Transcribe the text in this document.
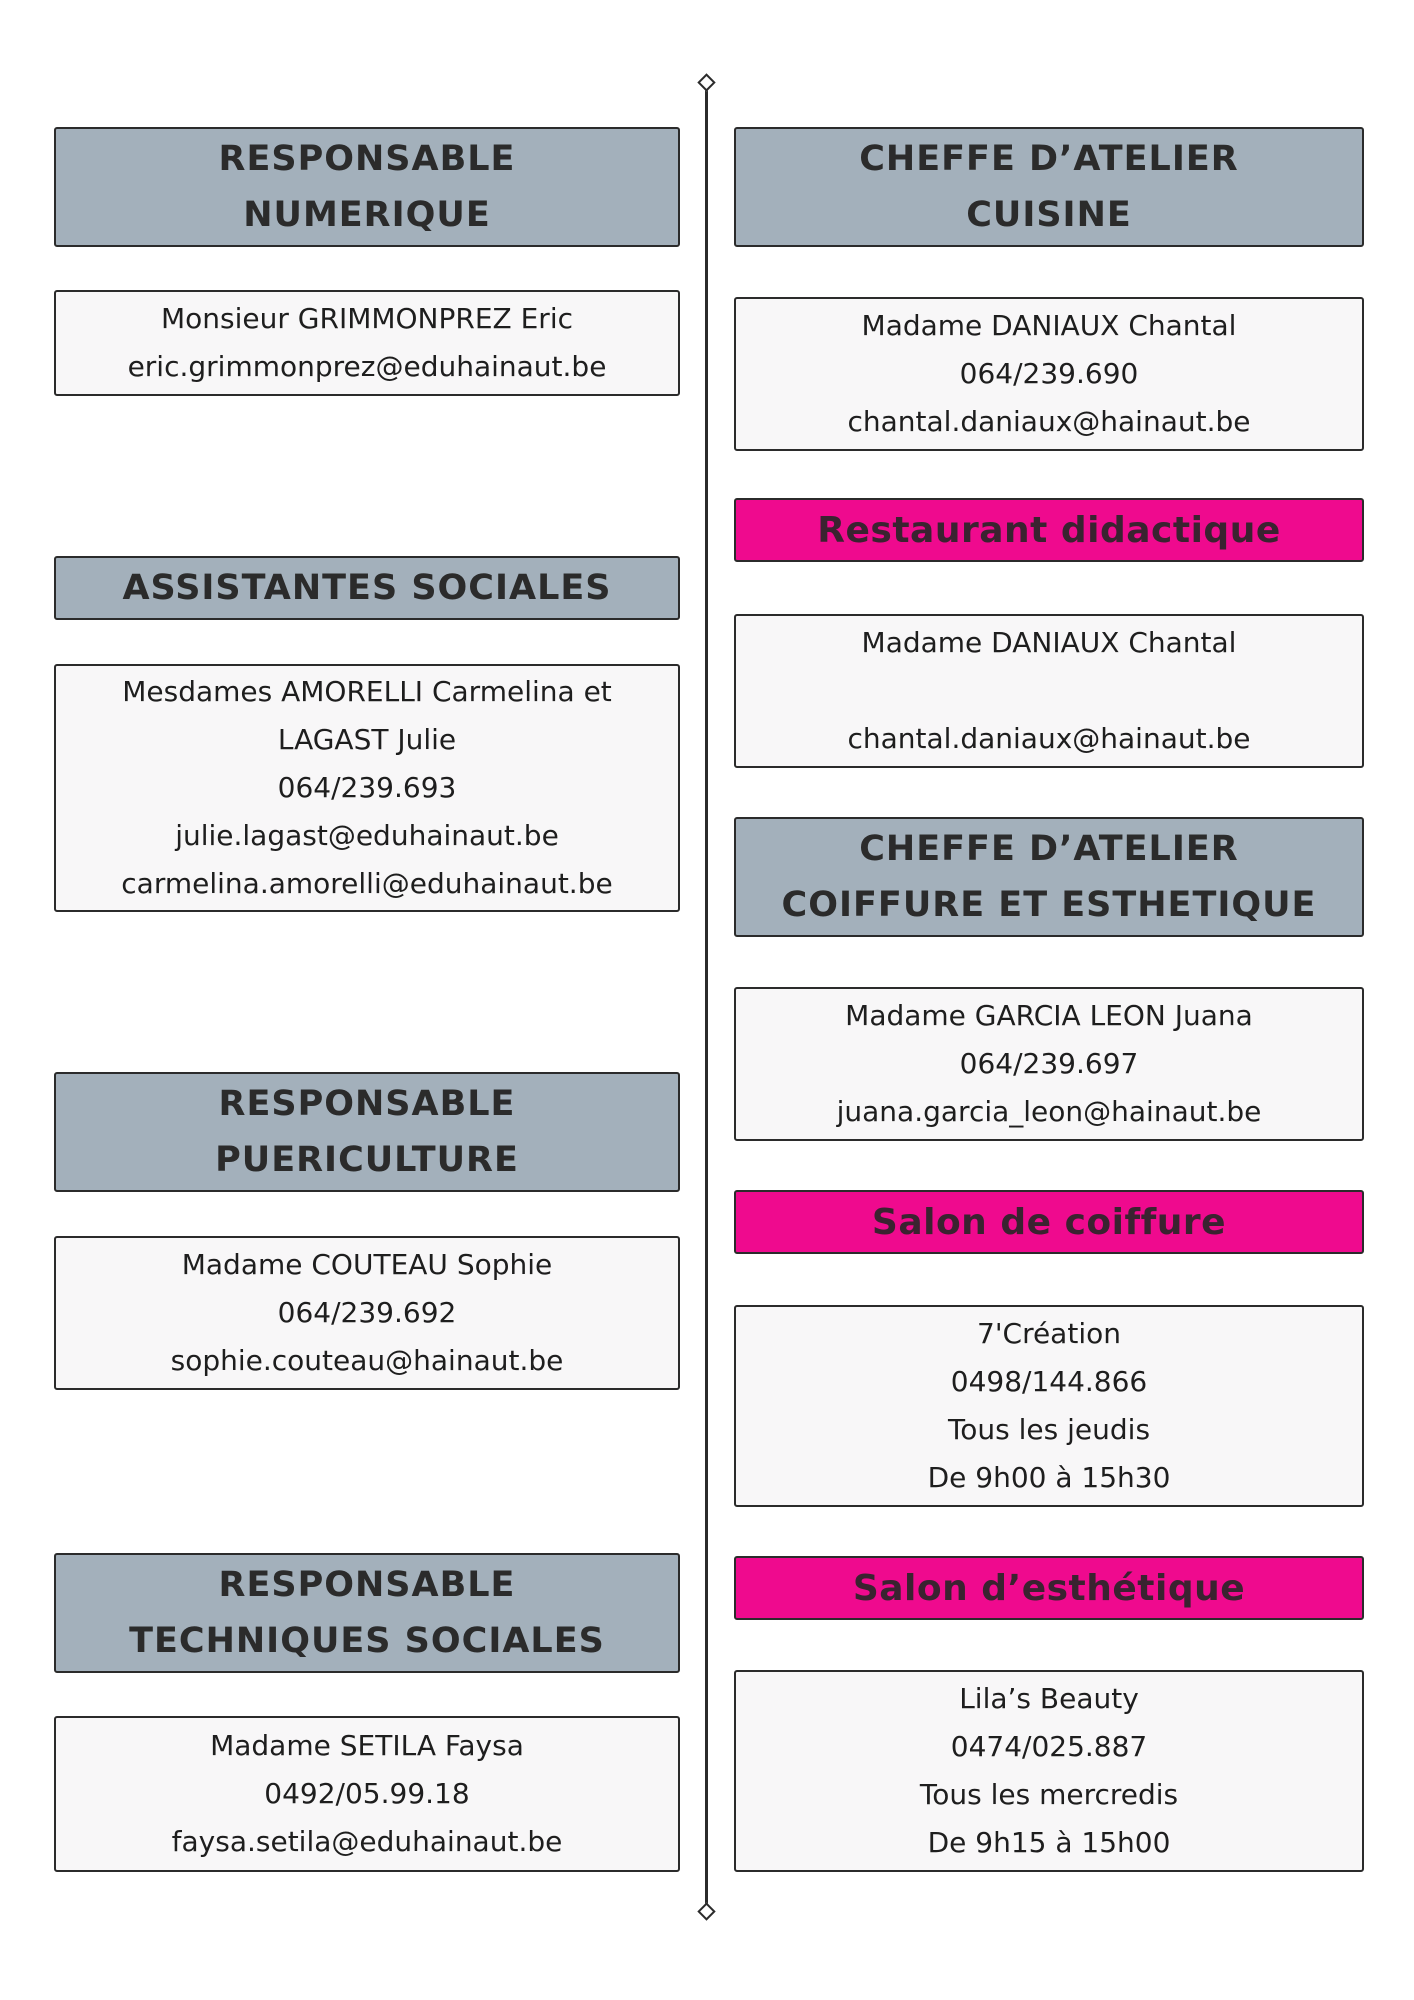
RESPONSABLE
NUMERIQUE
Monsieur GRIMMONPREZ Eric
eric.grimmonprez@eduhainaut.be
ASSISTANTES SOCIALES
Mesdames AMORELLI Carmelina et
LAGAST Julie
064/239.693
julie.lagast@eduhainaut.be
carmelina.amorelli@eduhainaut.be
RESPONSABLE
PUERICULTURE
Madame COUTEAU Sophie
064/239.692
sophie.couteau@hainaut.be
RESPONSABLE
TECHNIQUES SOCIALES
Madame SETILA Faysa
0492/05.99.18
faysa.setila@eduhainaut.be
CHEFFE D’ATELIER
CUISINE
Madame DANIAUX Chantal
064/239.690
chantal.daniaux@hainaut.be
Restaurant didactique
Madame DANIAUX Chantal
chantal.daniaux@hainaut.be
CHEFFE D’ATELIER
COIFFURE ET ESTHETIQUE
Madame GARCIA LEON Juana
064/239.697
juana.garcia_leon@hainaut.be
Salon de coiffure
7'Création
0498/144.866
Tous les jeudis
De 9h00 à 15h30
Salon d’esthétique
Lila’s Beauty
0474/025.887
Tous les mercredis
De 9h15 à 15h00
